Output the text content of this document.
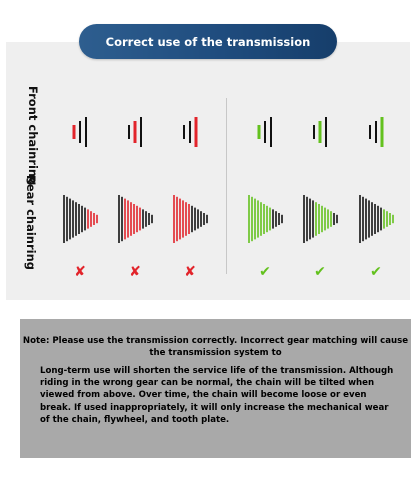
Correct use of the transmission
Front chainring
Rear chainring
✘	✘	✘	✔	✔	✔
Note: Please use the transmission correctly. Incorrect gear matching will cause the transmission system to
Long-term use will shorten the service life of the transmission. Although riding in the wrong gear can be normal, the chain will be tilted when viewed from above. Over time, the chain will become loose or even break. If used inappropriately, it will only increase the mechanical wear of the chain, flywheel, and tooth plate.
